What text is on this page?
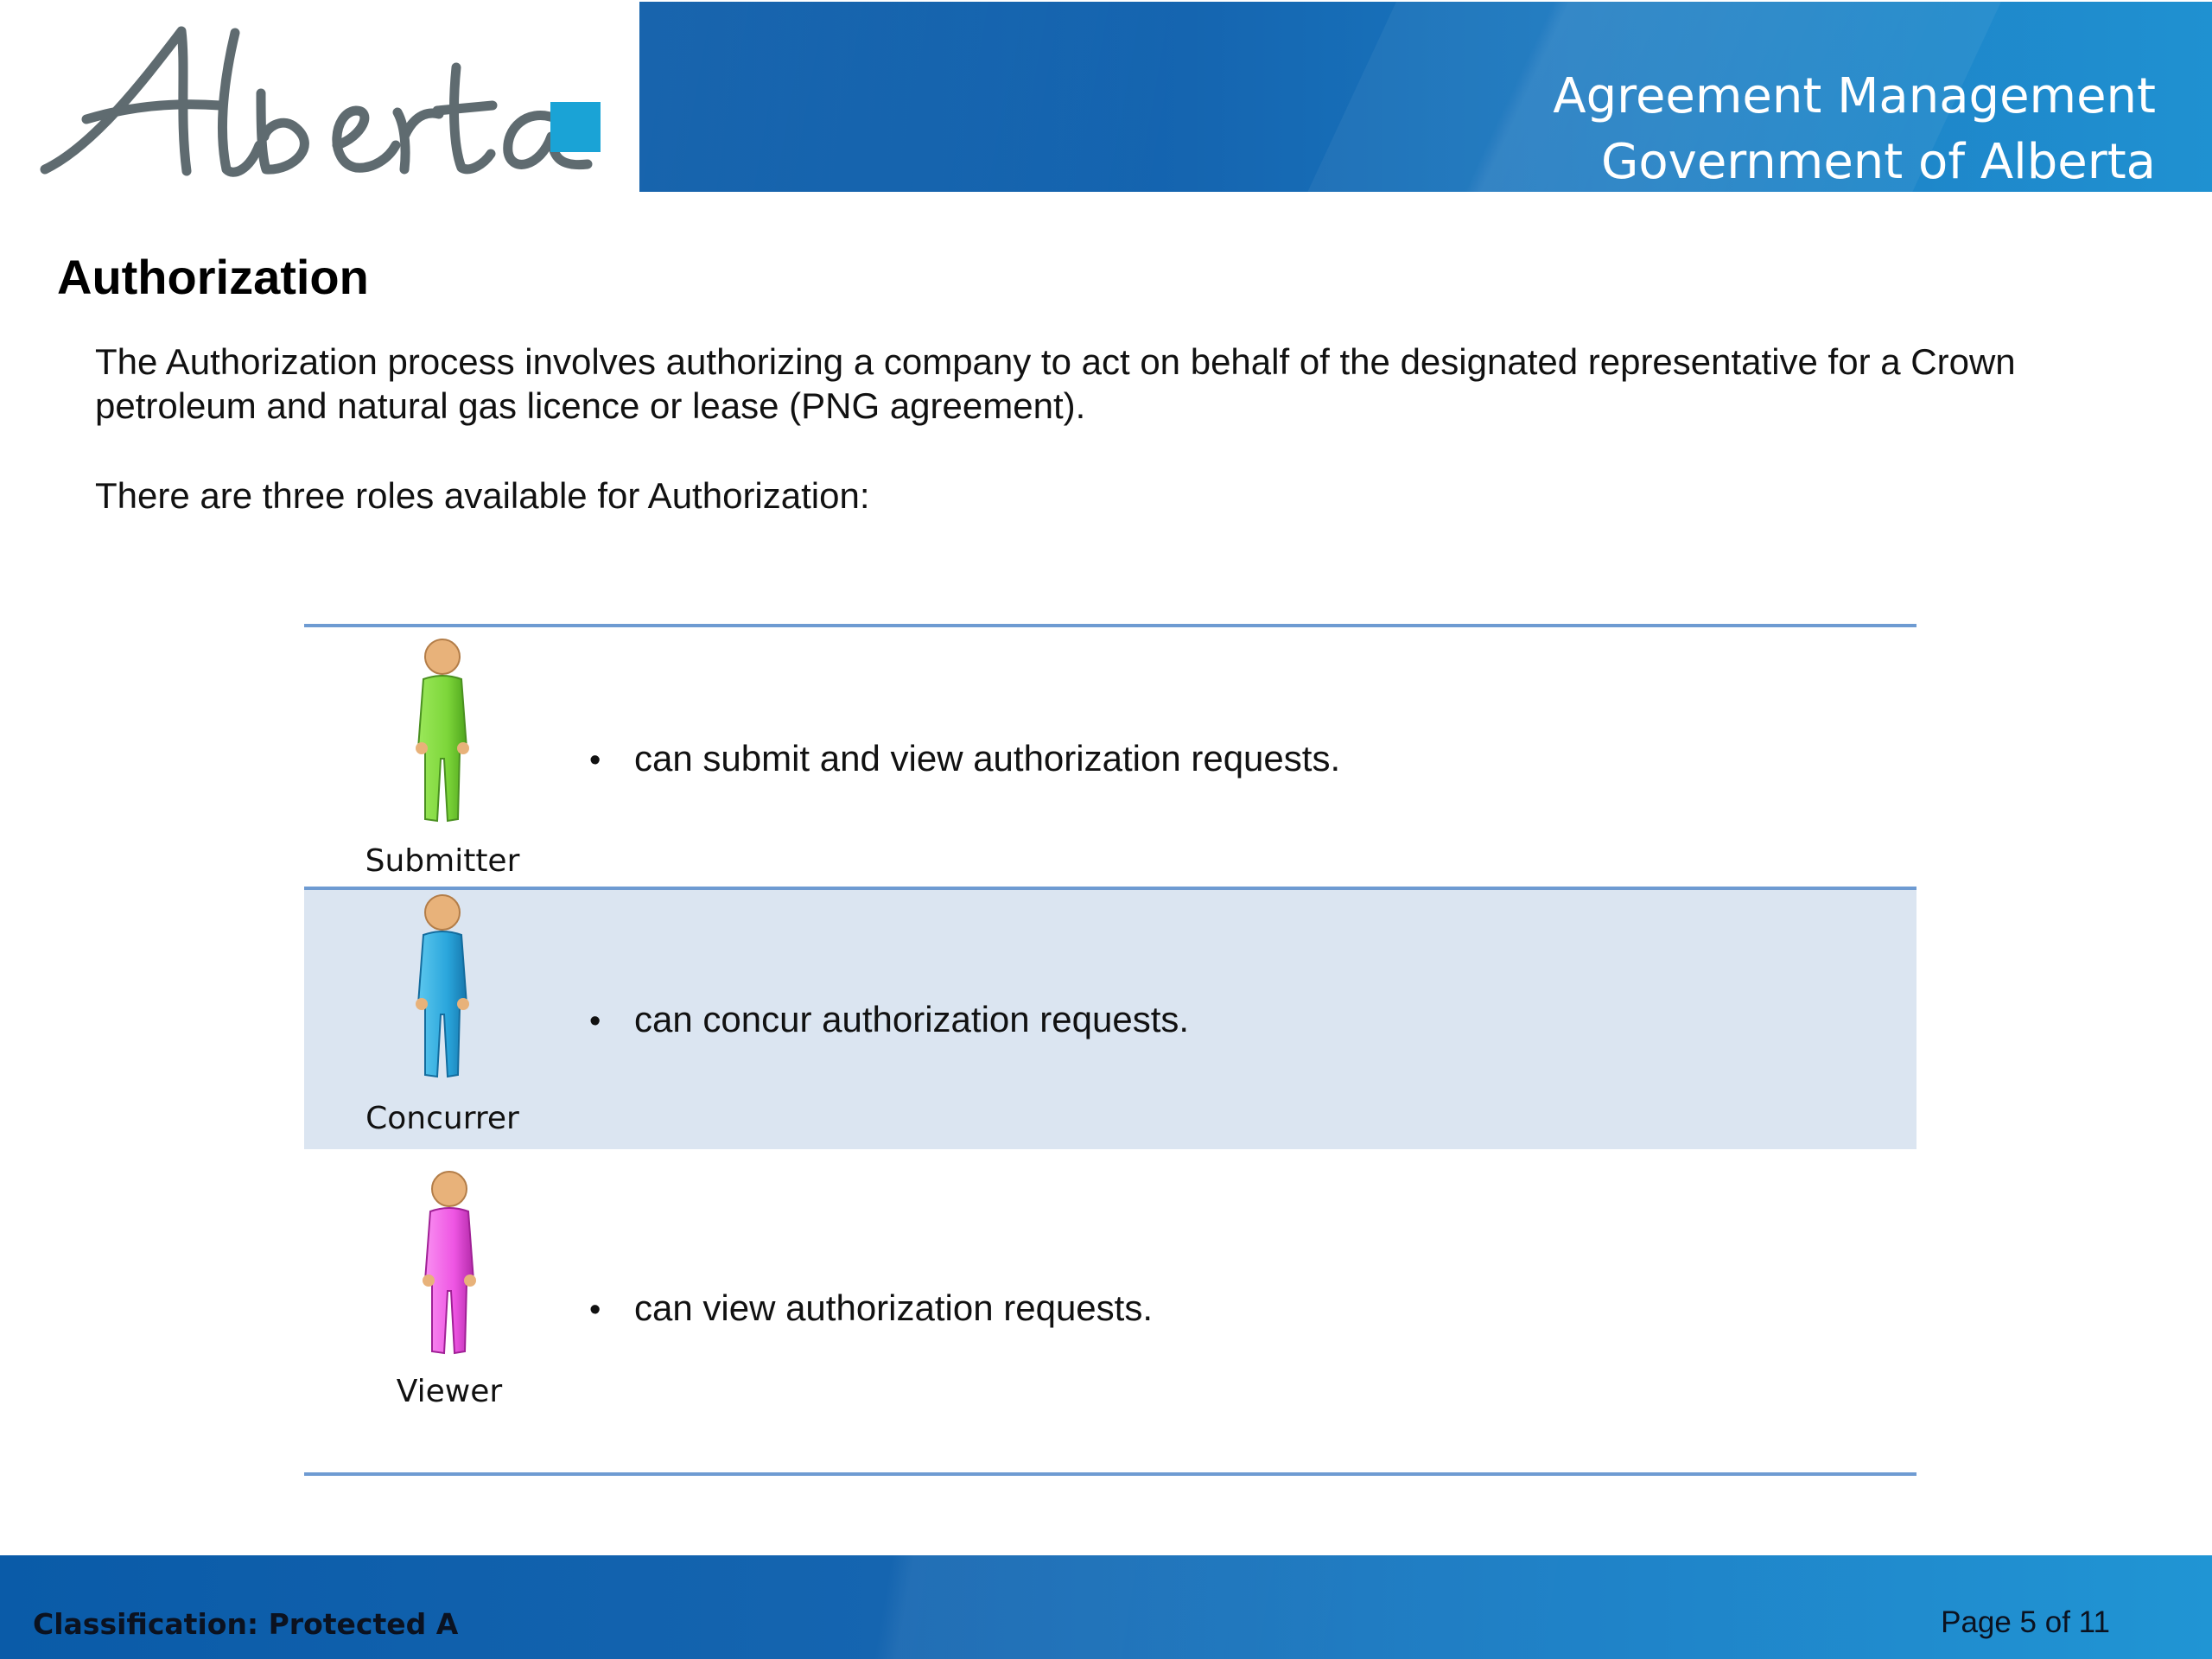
Alberta
Agreement Management
Government of Alberta
Authorization

The Authorization process involves authorizing a company to act on behalf of the designated representative for a Crown petroleum and natural gas licence or lease (PNG agreement).

There are three roles available for Authorization:

Submitter
• can submit and view authorization requests.
Concurrer
• can concur authorization requests.
Viewer
• can view authorization requests.
Classification: Protected A	Page 5 of 11
